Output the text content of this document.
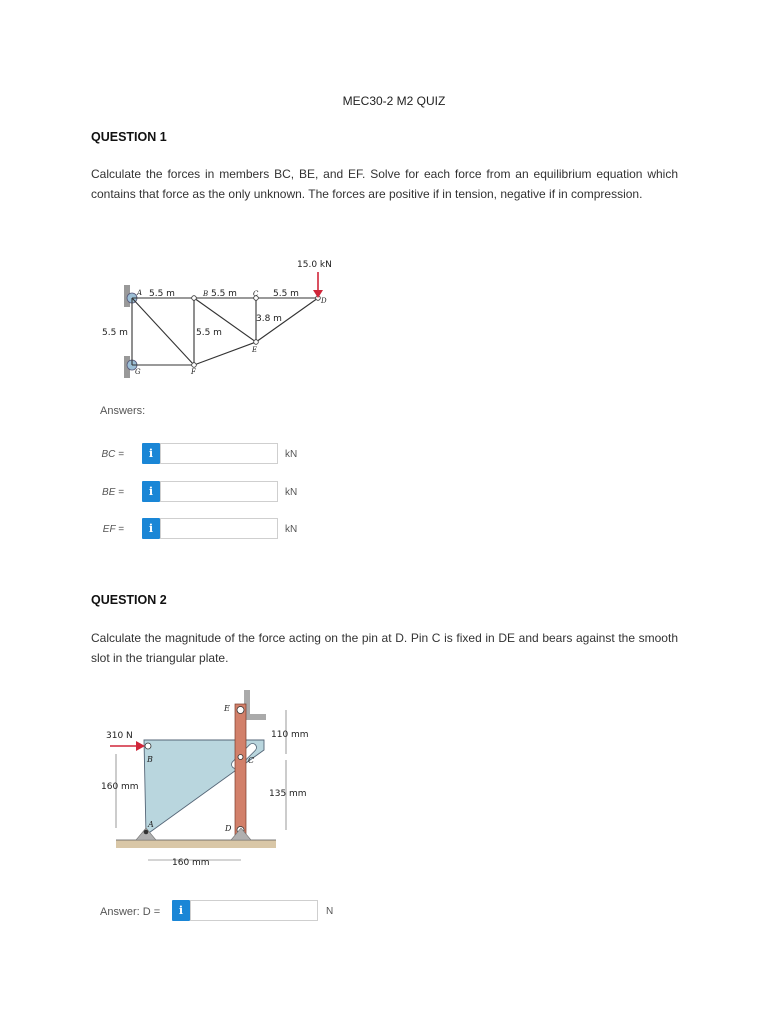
MEC30-2 M2 QUIZ
QUESTION 1
Calculate the forces in members BC, BE, and EF. Solve for each force from an equilibrium equation which contains that force as the only unknown. The forces are positive if in tension, negative if in compression.
15.0 kN
5.5 m	5.5 m	5.5 m
5.5 m	5.5 m
3.8 m
A	B	C
D
E
F
G
Answers:
BC =	i	kN
BE =	i	kN
EF =	i	kN
QUESTION 2
Calculate the magnitude of the force acting on the pin at D. Pin C is fixed in DE and bears against the smooth slot in the triangular plate.
310 N
160 mm
110 mm
135 mm
160 mm
A
B	C
D
E
Answer: D =	i	N
